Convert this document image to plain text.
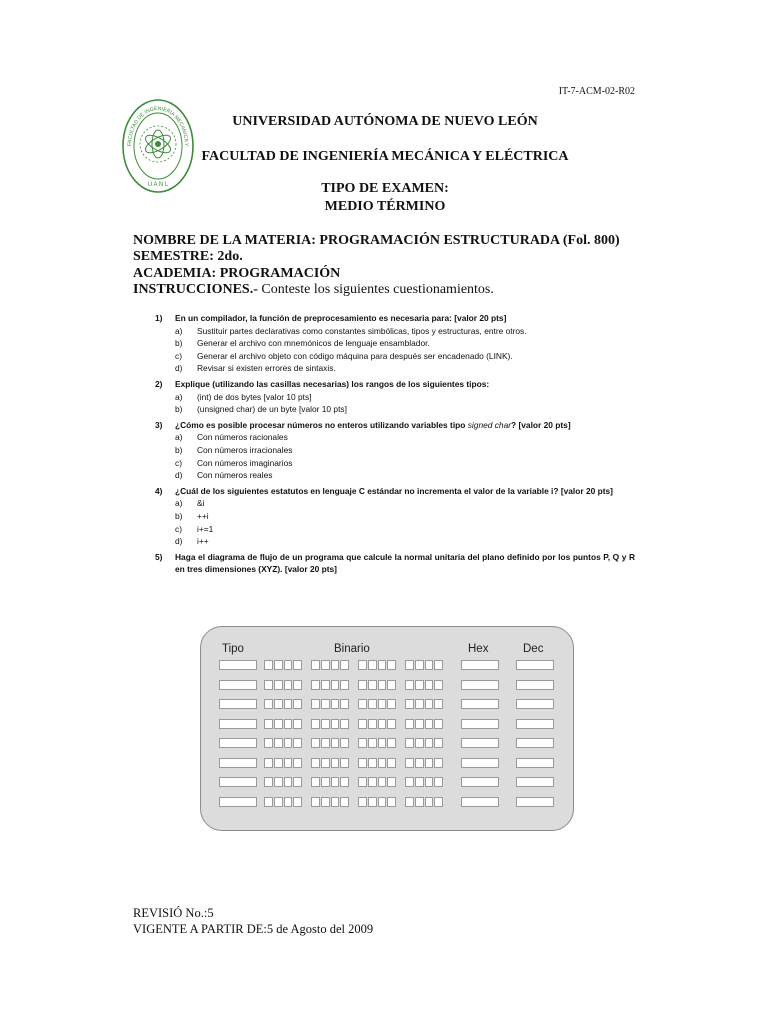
IT-7-ACM-02-R02
FACULTAD DE INGENIERIA MECANICA Y
U A N L
UNIVERSIDAD AUTÓNOMA DE NUEVO LEÓN
FACULTAD DE INGENIERÍA MECÁNICA Y ELÉCTRICA
TIPO DE EXAMEN:
MEDIO TÉRMINO
NOMBRE DE LA MATERIA: PROGRAMACIÓN ESTRUCTURADA (Fol. 800)
SEMESTRE: 2do.
ACADEMIA: PROGRAMACIÓN
INSTRUCCIONES.- Conteste los siguientes cuestionamientos.
1) En un compilador, la función de preprocesamiento es necesaria para: [valor 20 pts]
a) Sustituir partes declarativas como constantes simbólicas, tipos y estructuras, entre otros.
b) Generar el archivo con mnemónicos de lenguaje ensamblador.
c) Generar el archivo objeto con código máquina para después ser encadenado (LINK).
d) Revisar si existen errores de sintaxis.
2) Explique (utilizando las casillas necesarias) los rangos de los siguientes tipos:
a) (int) de dos bytes [valor 10 pts]
b) (unsigned char) de un byte [valor 10 pts]
3) ¿Cómo es posible procesar números no enteros utilizando variables tipo signed char? [valor 20 pts]
a) Con números racionales
b) Con números irracionales
c) Con números imaginarios
d) Con números reales
4) ¿Cuál de los siguientes estatutos en lenguaje C estándar no incrementa el valor de la variable i? [valor 20 pts]
a) &i
b) ++i
c) i+=1
d) i++
5) Haga el diagrama de flujo de un programa que calcule la normal unitaria del plano definido por los puntos P, Q y R en tres dimensiones (XYZ). [valor 20 pts]
Tipo	Binario	Hex	Dec
REVISIÓ No.:5
VIGENTE A PARTIR DE:5 de Agosto del 2009
